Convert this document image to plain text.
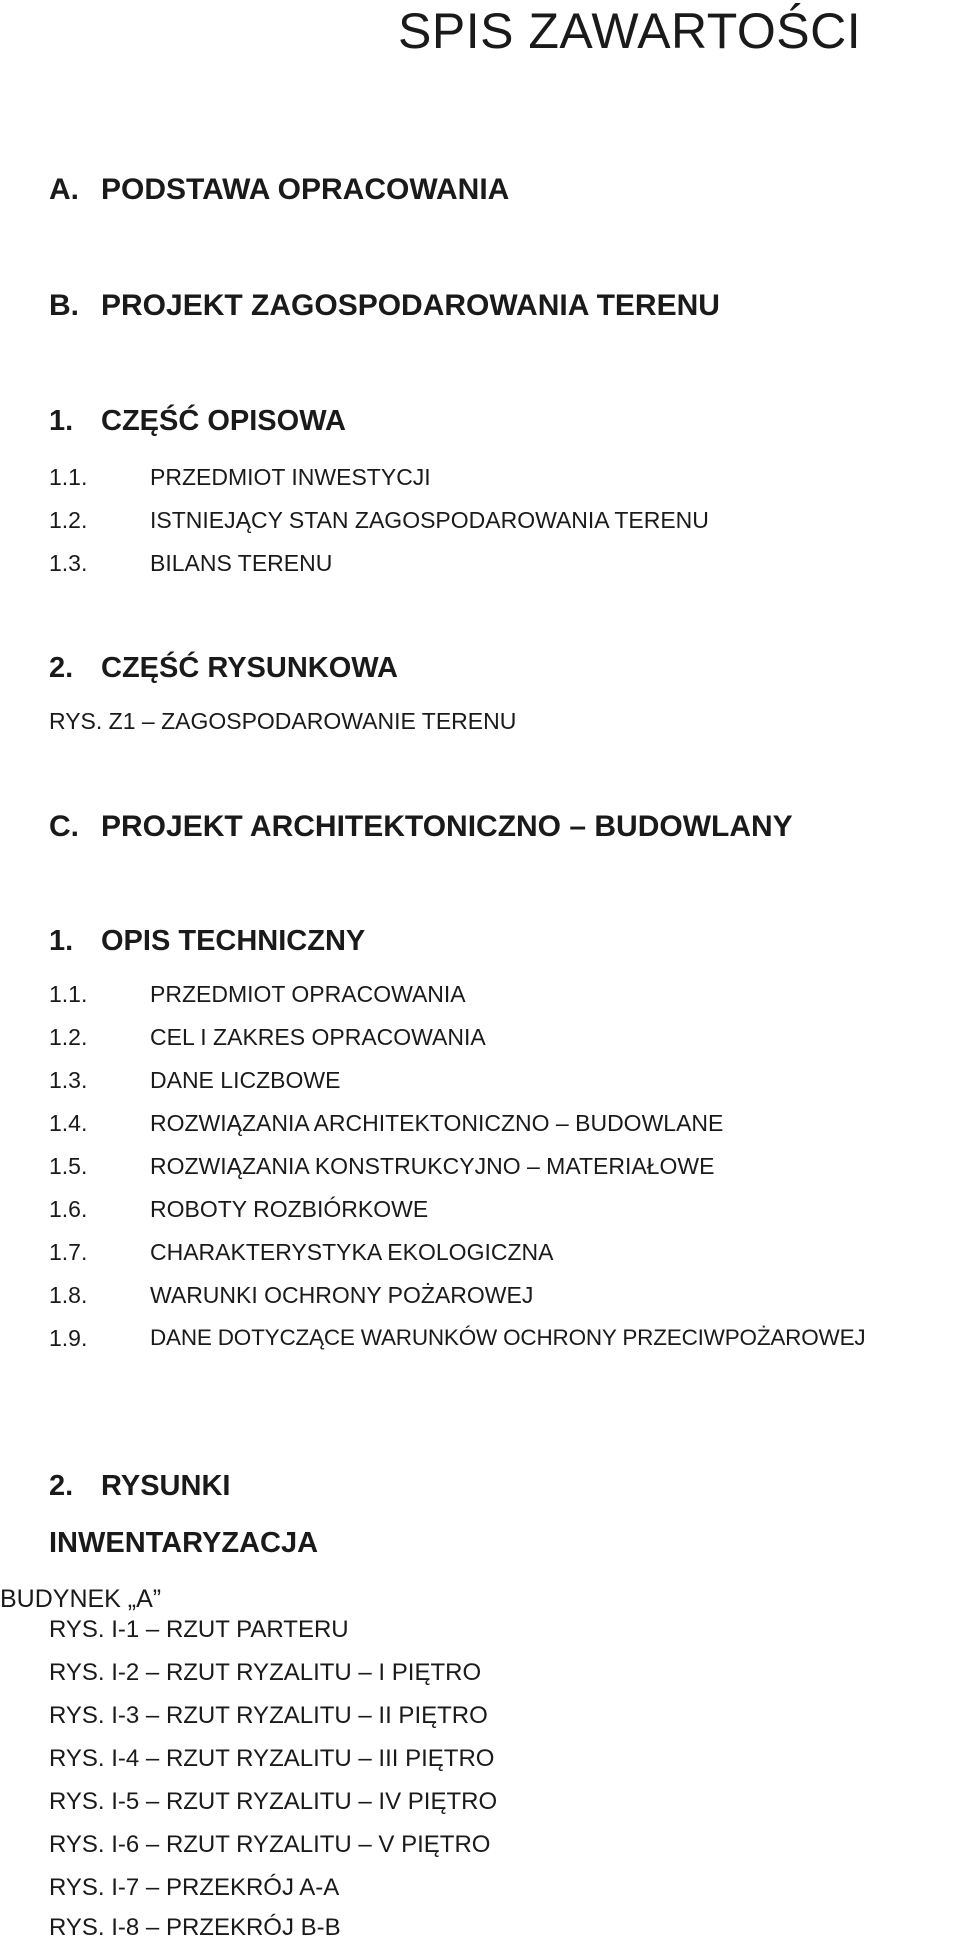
SPIS ZAWARTOŚCI
A. PODSTAWA OPRACOWANIA
B. PROJEKT ZAGOSPODAROWANIA TERENU
1. CZĘŚĆ OPISOWA
1.1.	PRZEDMIOT INWESTYCJI
1.2.	ISTNIEJĄCY STAN ZAGOSPODAROWANIA TERENU
1.3.	BILANS TERENU
2. CZĘŚĆ RYSUNKOWA
RYS. Z1 – ZAGOSPODAROWANIE TERENU
C. PROJEKT ARCHITEKTONICZNO – BUDOWLANY
1. OPIS TECHNICZNY
1.1.	PRZEDMIOT OPRACOWANIA
1.2.	CEL I ZAKRES OPRACOWANIA
1.3.	DANE LICZBOWE
1.4.	ROZWIĄZANIA ARCHITEKTONICZNO – BUDOWLANE
1.5.	ROZWIĄZANIA KONSTRUKCYJNO – MATERIAŁOWE
1.6.	ROBOTY ROZBIÓRKOWE
1.7.	CHARAKTERYSTYKA EKOLOGICZNA
1.8.	WARUNKI OCHRONY POŻAROWEJ
1.9.	DANE DOTYCZĄCE WARUNKÓW OCHRONY PRZECIWPOŻAROWEJ
2. RYSUNKI
INWENTARYZACJA
BUDYNEK „A”
RYS. I-1 – RZUT PARTERU
RYS. I-2 – RZUT RYZALITU – I PIĘTRO
RYS. I-3 – RZUT RYZALITU – II PIĘTRO
RYS. I-4 – RZUT RYZALITU – III PIĘTRO
RYS. I-5 – RZUT RYZALITU – IV PIĘTRO
RYS. I-6 – RZUT RYZALITU – V PIĘTRO
RYS. I-7 – PRZEKRÓJ A-A
RYS. I-8 – PRZEKRÓJ B-B
